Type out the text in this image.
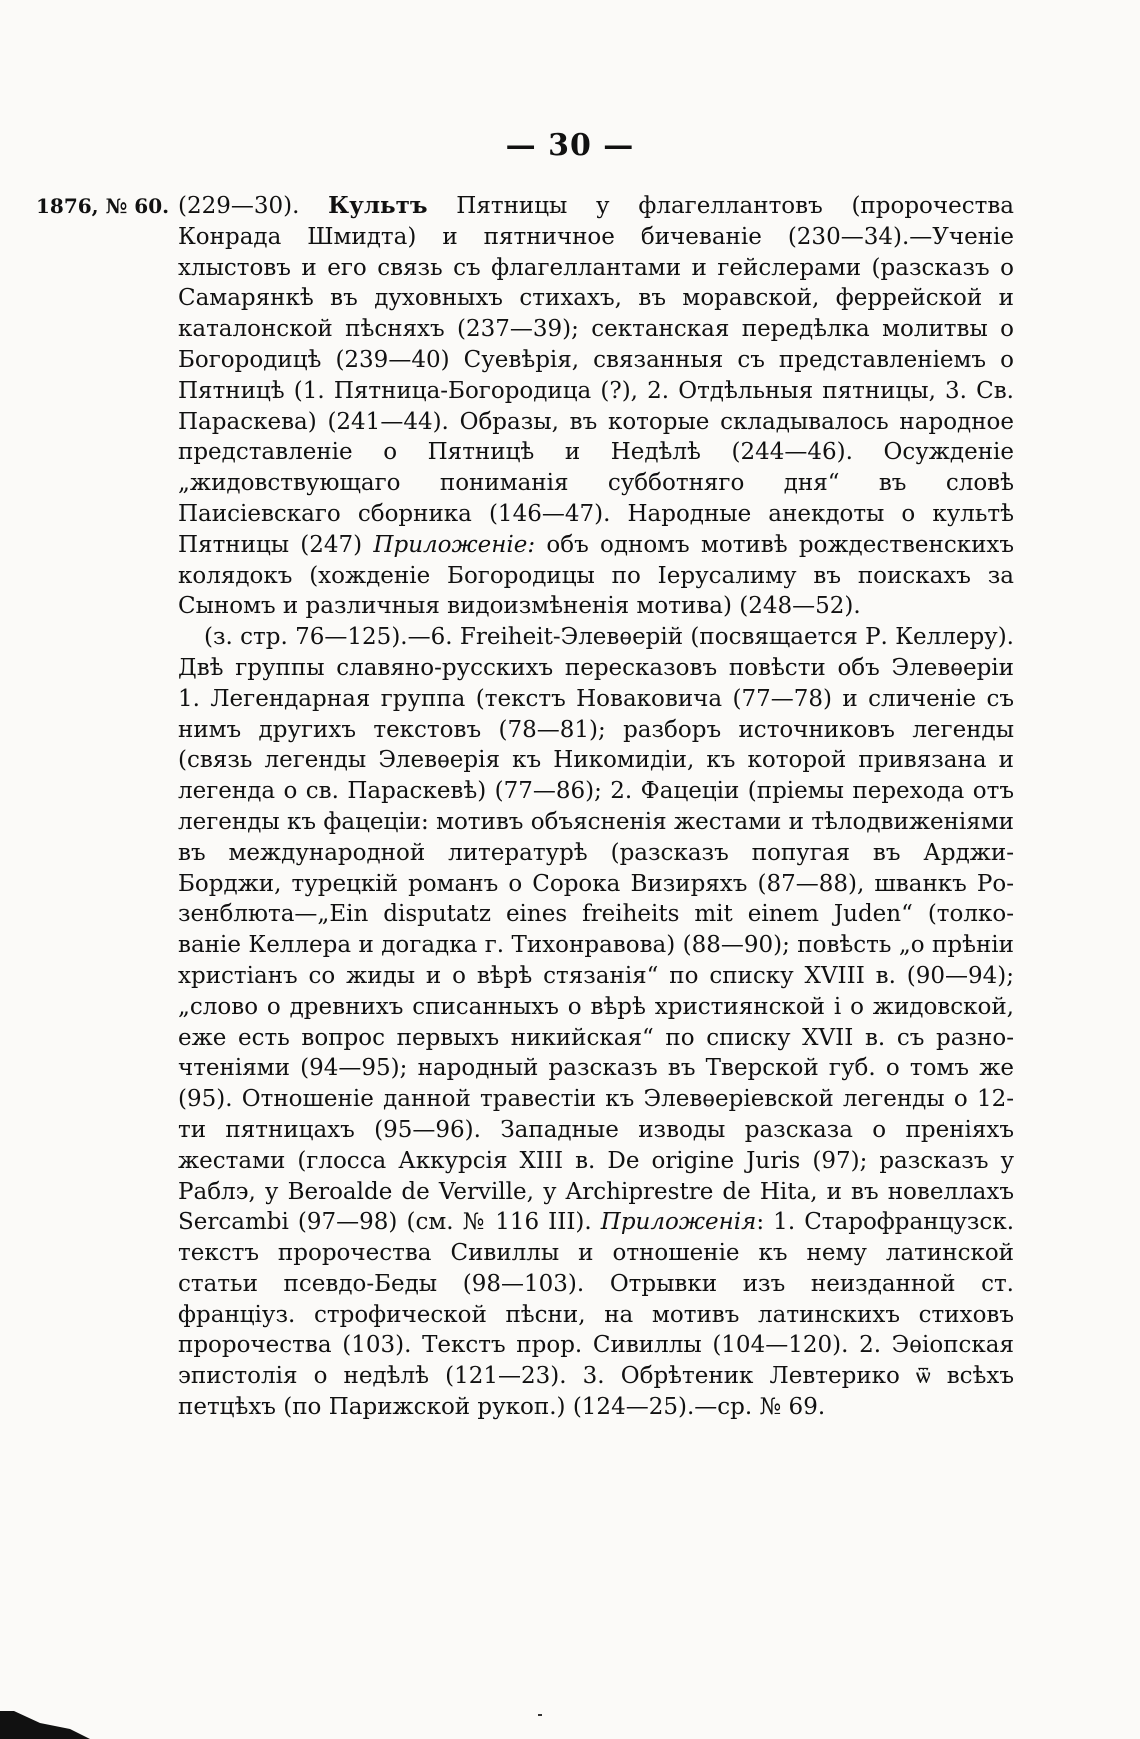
— 30 —
1876, № 60. (229—30). Культъ Пятницы у флагеллантовъ (пророчества Конрада Шмидта) и пятничное бичеваніе (230—34).—Ученіе хлыстовъ и его связь съ флагеллантами и гейслерами (разсказъ о Самарянкѣ въ духовныхъ стихахъ, въ моравской, феррейской и каталонской пѣсняхъ (237—39); сектанская передѣлка молитвы о Богородицѣ (239—40) Суевѣрія, связанныя съ представленіемъ о Пятницѣ (1. Пятница-Богородица (?), 2. Отдѣльныя пятницы, 3. Св. Параскева) (241—44). Образы, въ которые складывалось народное представленіе о Пятницѣ и Недѣлѣ (244—46). Осужденіе „жидовствующаго пониманія субботняго дня“ въ словѣ Паисіевскаго сборника (146—47). Народные анекдоты о культѣ Пятницы (247) Приложеніе: объ одномъ мотивѣ рождественскихъ колядокъ (хожденіе Богородицы по Іерусалиму въ поискахъ за Сыномъ и различныя видоизмѣненія мотива) (248—52).

(з. стр. 76—125).—6. Freiheit-Элевѳерій (посвящается Р. Келлеру). Двѣ группы славяно-русскихъ пересказовъ повѣсти объ Элевѳеріи 1. Легендарная группа (текстъ Новаковича (77—78) и сличеніе съ нимъ другихъ текстовъ (78—81); разборъ источниковъ легенды (связь легенды Элевѳерія къ Никомидіи, къ которой привязана и легенда о св. Параскевѣ) (77—86); 2. Фацеціи (пріемы перехода отъ легенды къ фацеціи: мотивъ объясненія жестами и тѣлодвиженіями въ международной литературѣ (разсказъ попугая въ Арджи-Борджи, турецкій романъ о Сорока Визиряхъ (87—88), шванкъ Розенблюта—„Ein disputatz eines freiheits mit einem Juden“ (толкованіе Келлера и догадка г. Тихонравова) (88—90); повѣсть „о прѣніи христіанъ со жиды и о вѣрѣ стязанія“ по списку XVIII в. (90—94); „слово о древнихъ списанныхъ о вѣрѣ християнской і о жидовской, еже есть вопрос первыхъ никийская“ по списку XVII в. съ разночтеніями (94—95); народный разсказъ въ Тверской губ. о томъ же (95). Отношеніе данной травестіи къ Элевѳеріевской легенды о 12-ти пятницахъ (95—96). Западные изводы разсказа о преніяхъ жестами (глосса Аккурсія XIII в. De origine Juris (97); разсказъ у Раблэ, у Beroalde de Verville, у Archiprestre de Hita, и въ новеллахъ Sercambi (97—98) (см. № 116 III). Приложенія: 1. Старофранцузск. текстъ пророчества Сивиллы и отношеніе къ нему латинской статьи псевдо-Беды (98—103). Отрывки изъ неизданной ст. франціуз. строфической пѣсни, на мотивъ латинскихъ стиховъ пророчества (103). Текстъ прор. Сивиллы (104—120). 2. Эѳіопская эпистолія о недѣлѣ (121—23). 3. Обрѣтеник Левтерико ѿ всѣхъ петцѣхъ (по Парижской рукоп.) (124—25).—ср. № 69.
